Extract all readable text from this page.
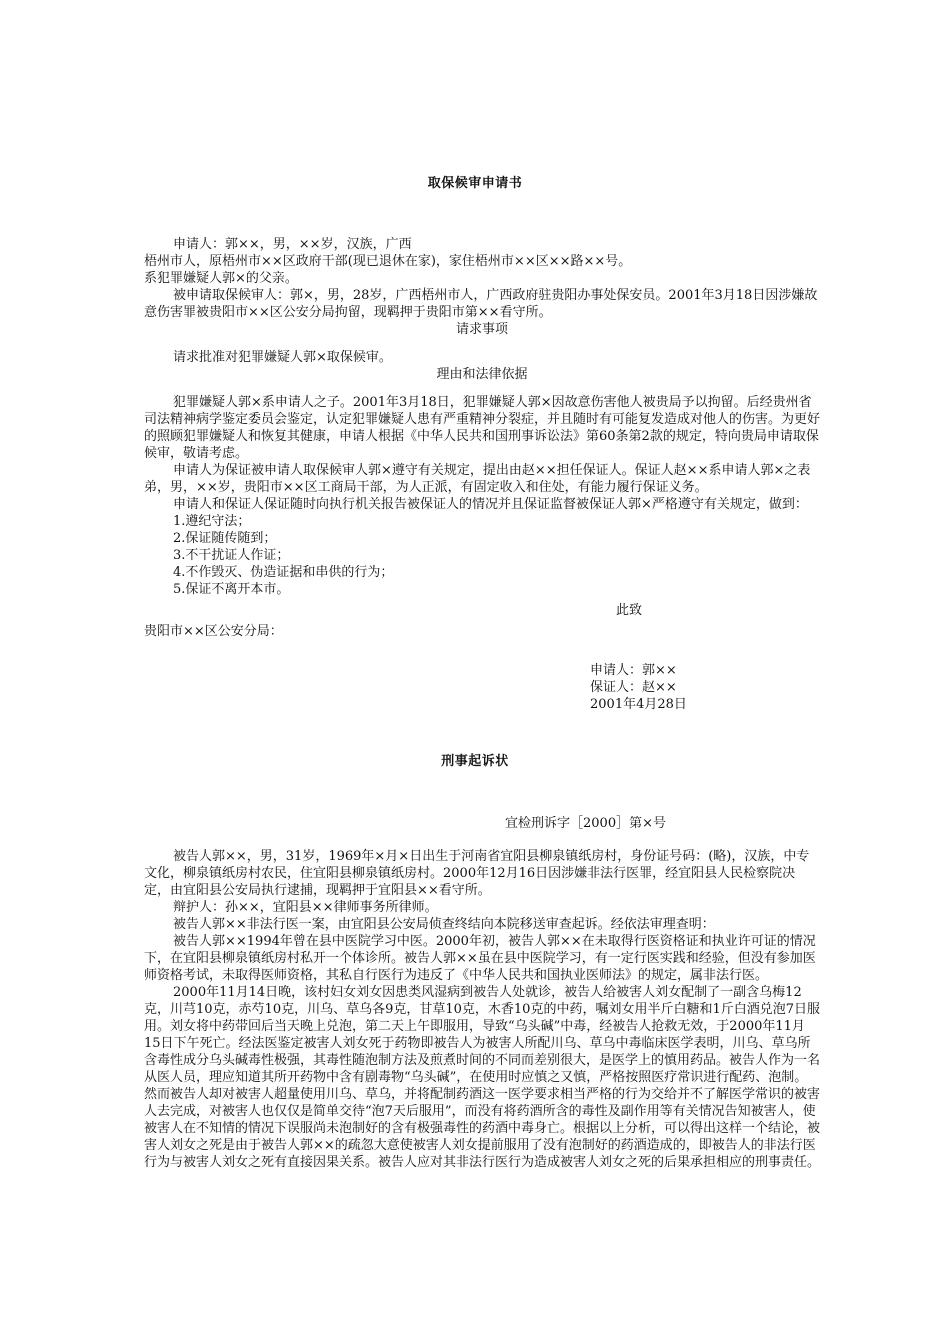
取保候审申请书

申请人：郭××，男，××岁，汉族，广西

梧州市人，原梧州市××区政府干部(现已退休在家)，家住梧州市××区××路××号。

系犯罪嫌疑人郭×的父亲。

被申请取保候审人：郭×，男，28岁，广西梧州市人，广西政府驻贵阳办事处保安员。2001年3月18日因涉嫌故意伤害罪被贵阳市××区公安分局拘留，现羁押于贵阳市第××看守所。

请求事项

请求批准对犯罪嫌疑人郭×取保候审。

理由和法律依据

犯罪嫌疑人郭×系申请人之子。2001年3月18日，犯罪嫌疑人郭×因故意伤害他人被贵局予以拘留。后经贵州省司法精神病学鉴定委员会鉴定，认定犯罪嫌疑人患有严重精神分裂症，并且随时有可能复发造成对他人的伤害。为更好的照顾犯罪嫌疑人和恢复其健康，申请人根据《中华人民共和国刑事诉讼法》第60条第2款的规定，特向贵局申请取保候审，敬请考虑。

申请人为保证被申请人取保候审人郭×遵守有关规定，提出由赵××担任保证人。保证人赵××系申请人郭×之表弟，男，××岁，贵阳市××区工商局干部，为人正派，有固定收入和住处，有能力履行保证义务。

申请人和保证人保证随时向执行机关报告被保证人的情况并且保证监督被保证人郭×严格遵守有关规定，做到：

1.遵纪守法；

2.保证随传随到；

3.不干扰证人作证；

4.不作毁灭、伪造证据和串供的行为；

5.保证不离开本市。

此致

贵阳市××区公安分局：

申请人：郭××

保证人：赵××

2001年4月28日

刑事起诉状
宜检刑诉字［2000］第×号

被告人郭××，男，31岁，1969年×月×日出生于河南省宜阳县柳泉镇纸房村，身份证号码：(略)，汉族，中专文化，柳泉镇纸房村农民，住宜阳县柳泉镇纸房村。2000年12月16日因涉嫌非法行医罪，经宜阳县人民检察院决定，由宜阳县公安局执行逮捕，现羁押于宜阳县××看守所。

辩护人：孙××，宜阳县××律师事务所律师。

被告人郭××非法行医一案，由宜阳县公安局侦查终结向本院移送审查起诉。经依法审理查明：

被告人郭××1994年曾在县中医院学习中医。2000年初，被告人郭××在未取得行医资格证和执业许可证的情况下，在宜阳县柳泉镇纸房村私开一个体诊所。被告人郭××虽在县中医院学习，有一定行医实践和经验，但没有参加医师资格考试，未取得医师资格，其私自行医行为违反了《中华人民共和国执业医师法》的规定，属非法行医。

2000年11月14日晚，该村妇女刘女因患类风湿病到被告人处就诊，被告人给被害人刘女配制了一副含乌梅12克，川芎10克，赤芍10克，川乌、草乌各9克，甘草10克，木香10克的中药，嘱刘女用半斤白糖和1斤白酒兑泡7日服用。刘女将中药带回后当天晚上兑泡，第二天上午即服用，导致“乌头碱”中毒，经被告人抢救无效，于2000年11月15日下午死亡。经法医鉴定被害人刘女死于药物即被告人为被害人所配川乌、草乌中毒临床医学表明，川乌、草乌所含毒性成分乌头碱毒性极强，其毒性随泡制方法及煎煮时间的不同而差别很大，是医学上的慎用药品。被告人作为一名从医人员，理应知道其所开药物中含有剧毒物“乌头碱”，在使用时应慎之又慎，严格按照医疗常识进行配药、泡制。然而被告人却对被害人超量使用川乌、草乌，并将配制药酒这一医学要求相当严格的行为交给并不了解医学常识的被害人去完成，对被害人也仅仅是简单交待“泡7天后服用”，而没有将药酒所含的毒性及副作用等有关情况告知被害人，使被害人在不知情的情况下误服尚未泡制好的含有极强毒性的药酒中毒身亡。根据以上分析，可以得出这样一个结论，被害人刘女之死是由于被告人郭××的疏忽大意使被害人刘女提前服用了没有泡制好的药酒造成的，即被告人的非法行医行为与被害人刘女之死有直接因果关系。被告人应对其非法行医行为造成被害人刘女之死的后果承担相应的刑事责任。
